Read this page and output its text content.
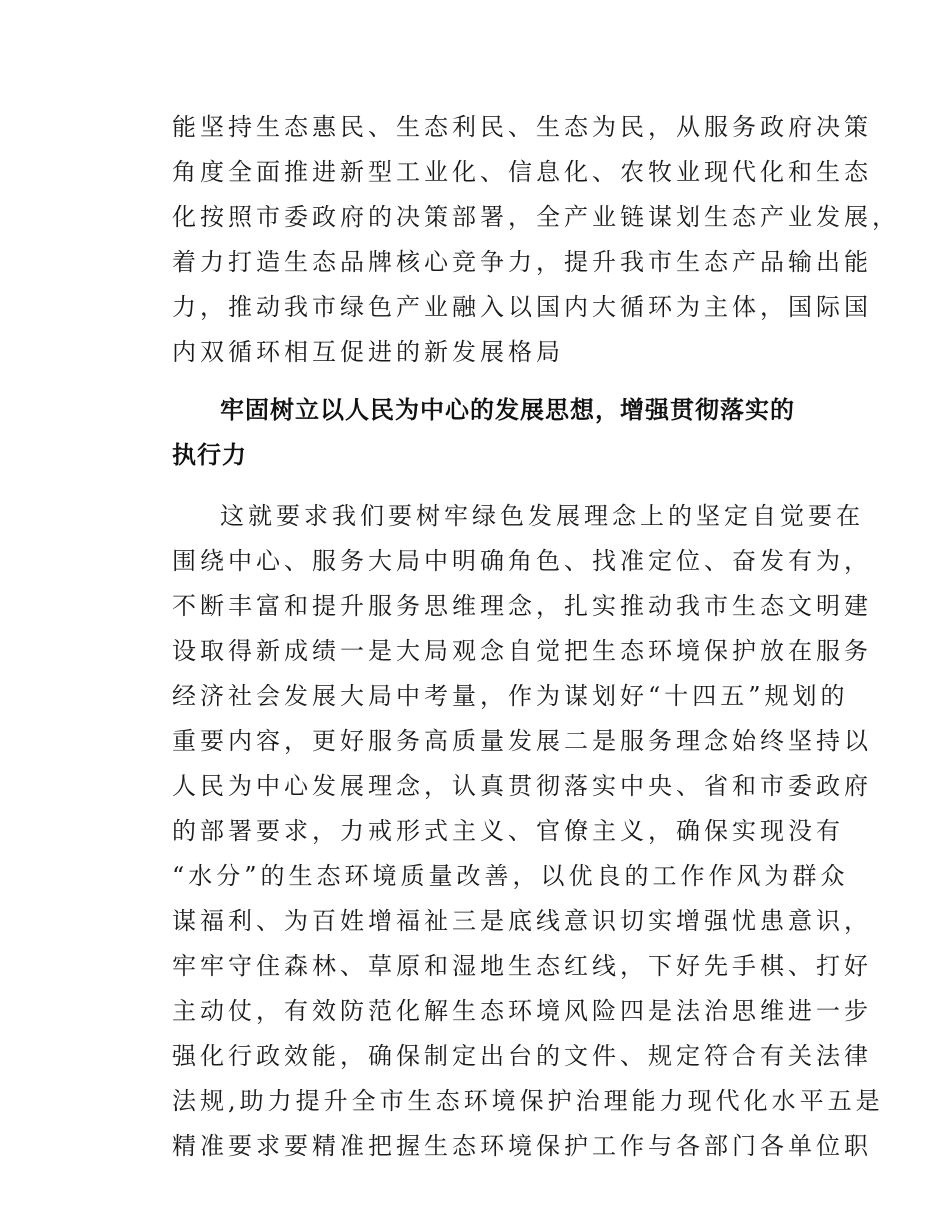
能坚持生态惠民、生态利民、生态为民，从服务政府决策
角度全面推进新型工业化、信息化、农牧业现代化和生态
化按照市委政府的决策部署，全产业链谋划生态产业发展，
着力打造生态品牌核心竞争力，提升我市生态产品输出能
力，推动我市绿色产业融入以国内大循环为主体，国际国
内双循环相互促进的新发展格局
牢固树立以人民为中心的发展思想，增强贯彻落实的
执行力
这就要求我们要树牢绿色发展理念上的坚定自觉要在
围绕中心、服务大局中明确角色、找准定位、奋发有为，
不断丰富和提升服务思维理念，扎实推动我市生态文明建
设取得新成绩一是大局观念自觉把生态环境保护放在服务
经济社会发展大局中考量，作为谋划好“十四五”规划的
重要内容，更好服务高质量发展二是服务理念始终坚持以
人民为中心发展理念，认真贯彻落实中央、省和市委政府
的部署要求，力戒形式主义、官僚主义，确保实现没有
“水分”的生态环境质量改善，以优良的工作作风为群众
谋福利、为百姓增福祉三是底线意识切实增强忧患意识，
牢牢守住森林、草原和湿地生态红线，下好先手棋、打好
主动仗，有效防范化解生态环境风险四是法治思维进一步
强化行政效能，确保制定出台的文件、规定符合有关法律
法规,助力提升全市生态环境保护治理能力现代化水平五是
精准要求要精准把握生态环境保护工作与各部门各单位职
